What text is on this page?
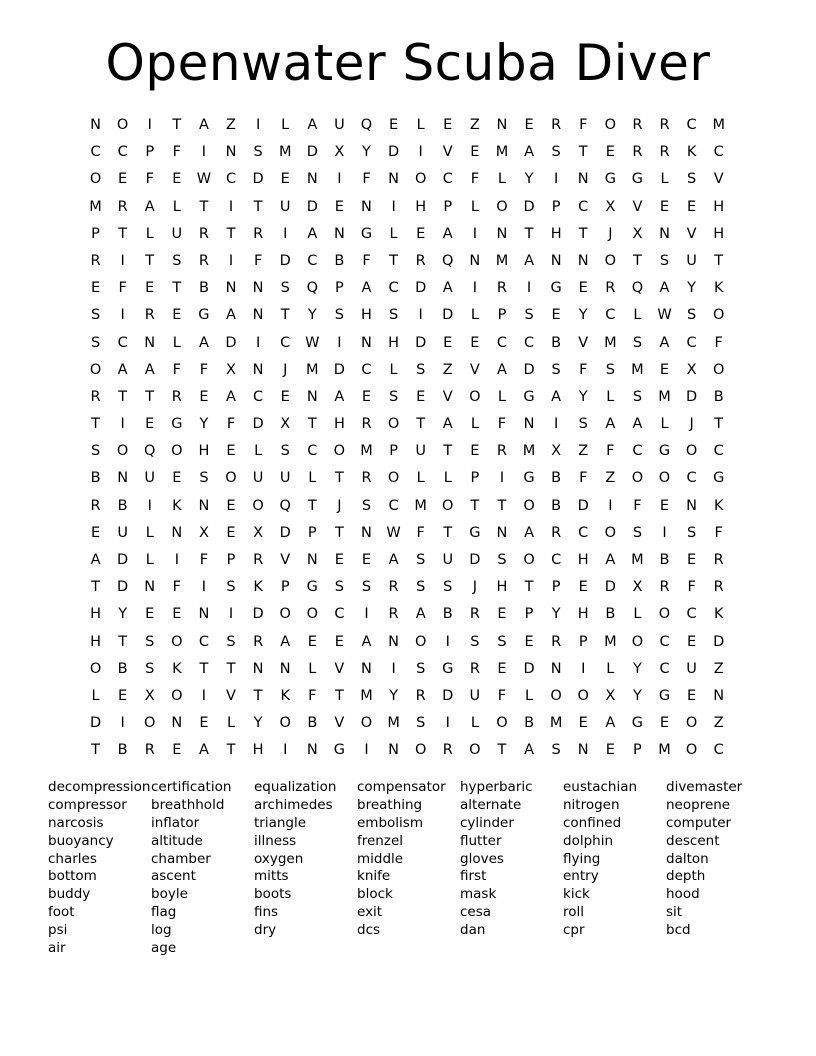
Openwater Scuba Diver
N	O	I	T	A	Z	I	L	A	U	Q	E	L	E	Z	N	E	R	F	O	R	R	C	M
C	C	P	F	I	N	S	M	D	X	Y	D	I	V	E	M	A	S	T	E	R	R	K	C
O	E	F	E	W	C	D	E	N	I	F	N	O	C	F	L	Y	I	N	G	G	L	S	V
M	R	A	L	T	I	T	U	D	E	N	I	H	P	L	O	D	P	C	X	V	E	E	H
P	T	L	U	R	T	R	I	A	N	G	L	E	A	I	N	T	H	T	J	X	N	V	H
R	I	T	S	R	I	F	D	C	B	F	T	R	Q	N	M	A	N	N	O	T	S	U	T
E	F	E	T	B	N	N	S	Q	P	A	C	D	A	I	R	I	G	E	R	Q	A	Y	K
S	I	R	E	G	A	N	T	Y	S	H	S	I	D	L	P	S	E	Y	C	L	W	S	O
S	C	N	L	A	D	I	C	W	I	N	H	D	E	E	C	C	B	V	M	S	A	C	F
O	A	A	F	F	X	N	J	M	D	C	L	S	Z	V	A	D	S	F	S	M	E	X	O
R	T	T	R	E	A	C	E	N	A	E	S	E	V	O	L	G	A	Y	L	S	M	D	B
T	I	E	G	Y	F	D	X	T	H	R	O	T	A	L	F	N	I	S	A	A	L	J	T
S	O	Q	O	H	E	L	S	C	O	M	P	U	T	E	R	M	X	Z	F	C	G	O	C
B	N	U	E	S	O	U	U	L	T	R	O	L	L	P	I	G	B	F	Z	O	O	C	G
R	B	I	K	N	E	O	Q	T	J	S	C	M	O	T	T	O	B	D	I	F	E	N	K
E	U	L	N	X	E	X	D	P	T	N	W	F	T	G	N	A	R	C	O	S	I	S	F
A	D	L	I	F	P	R	V	N	E	E	A	S	U	D	S	O	C	H	A	M	B	E	R
T	D	N	F	I	S	K	P	G	S	S	R	S	S	J	H	T	P	E	D	X	R	F	R
H	Y	E	E	N	I	D	O	O	C	I	R	A	B	R	E	P	Y	H	B	L	O	C	K
H	T	S	O	C	S	R	A	E	E	A	N	O	I	S	S	E	R	P	M	O	C	E	D
O	B	S	K	T	T	N	N	L	V	N	I	S	G	R	E	D	N	I	L	Y	C	U	Z
L	E	X	O	I	V	T	K	F	T	M	Y	R	D	U	F	L	O	O	X	Y	G	E	N
D	I	O	N	E	L	Y	O	B	V	O	M	S	I	L	O	B	M	E	A	G	E	O	Z
T	B	R	E	A	T	H	I	N	G	I	N	O	R	O	T	A	S	N	E	P	M	O	C
decompression
compressor
narcosis
buoyancy
charles
bottom
buddy
foot
psi
air
certification
breathhold
inflator
altitude
chamber
ascent
boyle
flag
log
age
equalization
archimedes
triangle
illness
oxygen
mitts
boots
fins
dry
compensator
breathing
embolism
frenzel
middle
knife
block
exit
dcs
hyperbaric
alternate
cylinder
flutter
gloves
first
mask
cesa
dan
eustachian
nitrogen
confined
dolphin
flying
entry
kick
roll
cpr
divemaster
neoprene
computer
descent
dalton
depth
hood
sit
bcd
